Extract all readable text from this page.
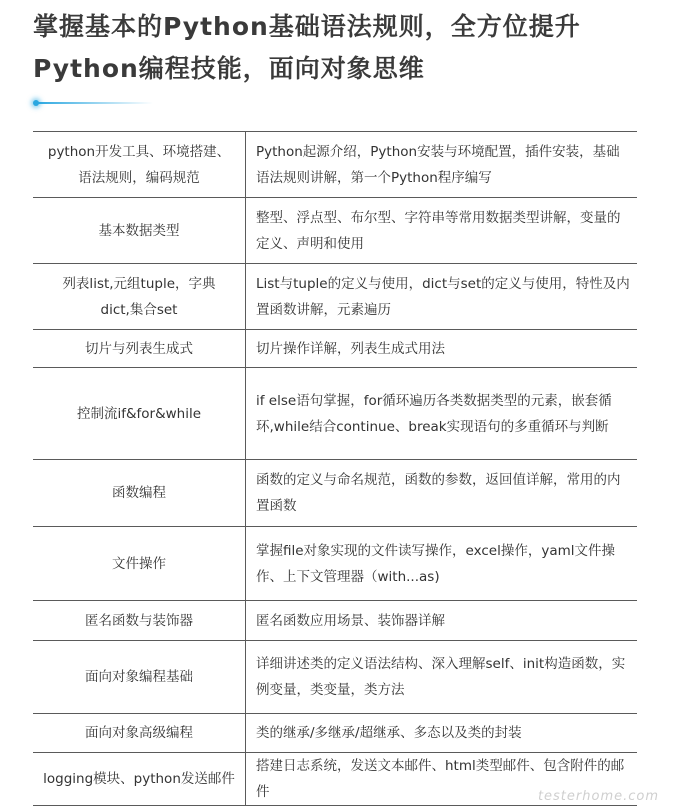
掌握基本的Python基础语法规则，全方位提升
Python编程技能，面向对象思维
python开发工具、环境搭建、
语法规则，编码规范	Python起源介绍，Python安装与环境配置，插件安装，基础语法规则讲解，第一个Python程序编写
基本数据类型	整型、浮点型、布尔型、字符串等常用数据类型讲解，变量的定义、声明和使用
列表list,元组tuple，字典
dict,集合set	List与tuple的定义与使用，dict与set的定义与使用，特性及内置函数讲解，元素遍历
切片与列表生成式	切片操作详解，列表生成式用法
控制流if&for&while	if else语句掌握，for循环遍历各类数据类型的元素，嵌套循环,while结合continue、break实现语句的多重循环与判断
函数编程	函数的定义与命名规范，函数的参数，返回值详解，常用的内置函数
文件操作	掌握file对象实现的文件读写操作，excel操作，yaml文件操作、上下文管理器（with...as)
匿名函数与装饰器	匿名函数应用场景、装饰器详解
面向对象编程基础	详细讲述类的定义语法结构、深入理解self、init构造函数，实例变量，类变量，类方法
面向对象高级编程	类的继承/多继承/超继承、多态以及类的封装
logging模块、python发送邮件	搭建日志系统，发送文本邮件、html类型邮件、包含附件的邮件	testerhome.com
